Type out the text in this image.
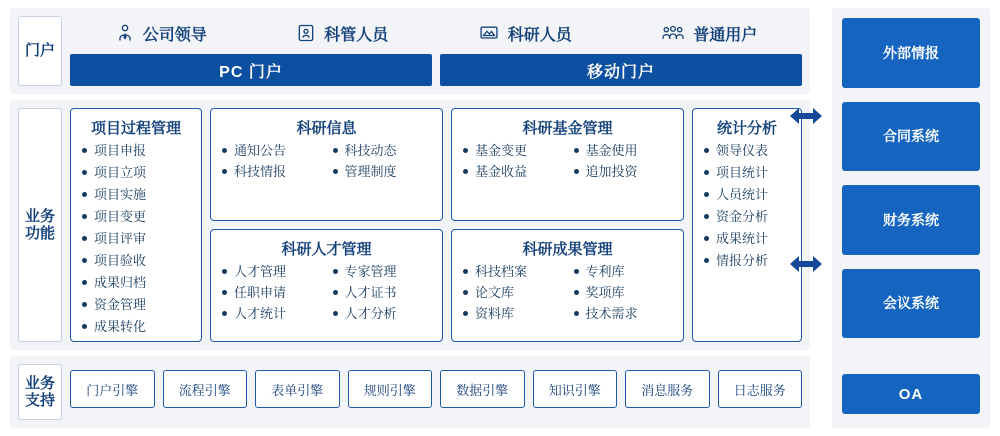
门户
公司领导	科管人员	科研人员	普通用户
PC 门户	移动门户
业务功能
项目过程管理
项目申报
项目立项
项目实施
项目变更
项目评审
项目验收
成果归档
资金管理
成果转化
科研信息
通知公告
科技情报
科技动态
管理制度
科研基金管理
基金变更
基金收益
基金使用
追加投资
科研人才管理
人才管理
任职申请
人才统计
专家管理
人才证书
人才分析
科研成果管理
科技档案
论文库
资料库
专利库
奖项库
技术需求
统计分析
领导仪表
项目统计
人员统计
资金分析
成果统计
情报分析
业务支持
门户引擎	流程引擎	表单引擎	规则引擎	数据引擎	知识引擎	消息服务	日志服务
外部情报
合同系统
财务系统
会议系统
OA
